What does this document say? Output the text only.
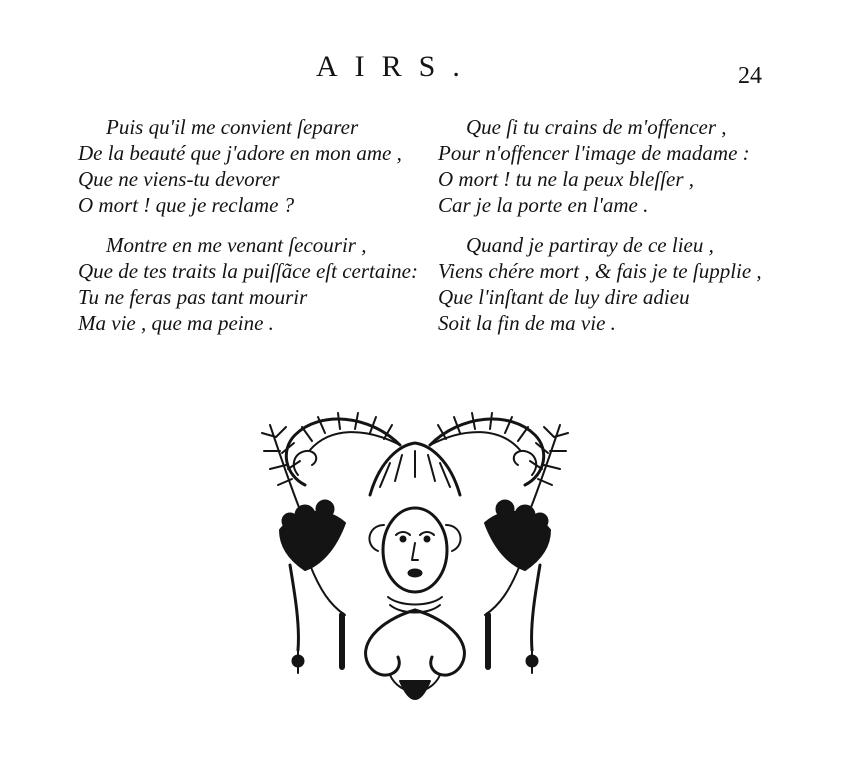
AIRS.	24
Puis qu'il me convient ſeparer
De la beauté que j'adore en mon ame ,
Que ne viens-tu devorer
O mort ! que je reclame ?
Que ſi tu crains de m'offencer ,
Pour n'offencer l'image de madame :
O mort ! tu ne la peux bleſſer ,
Car je la porte en l'ame .
Montre en me venant ſecourir ,
Que de tes traits la puiſſãce eſt certaine:
Tu ne feras pas tant mourir
Ma vie , que ma peine .
Quand je partiray de ce lieu ,
Viens chére mort , & fais je te ſupplie ,
Que l'inſtant de luy dire adieu
Soit la fin de ma vie .
